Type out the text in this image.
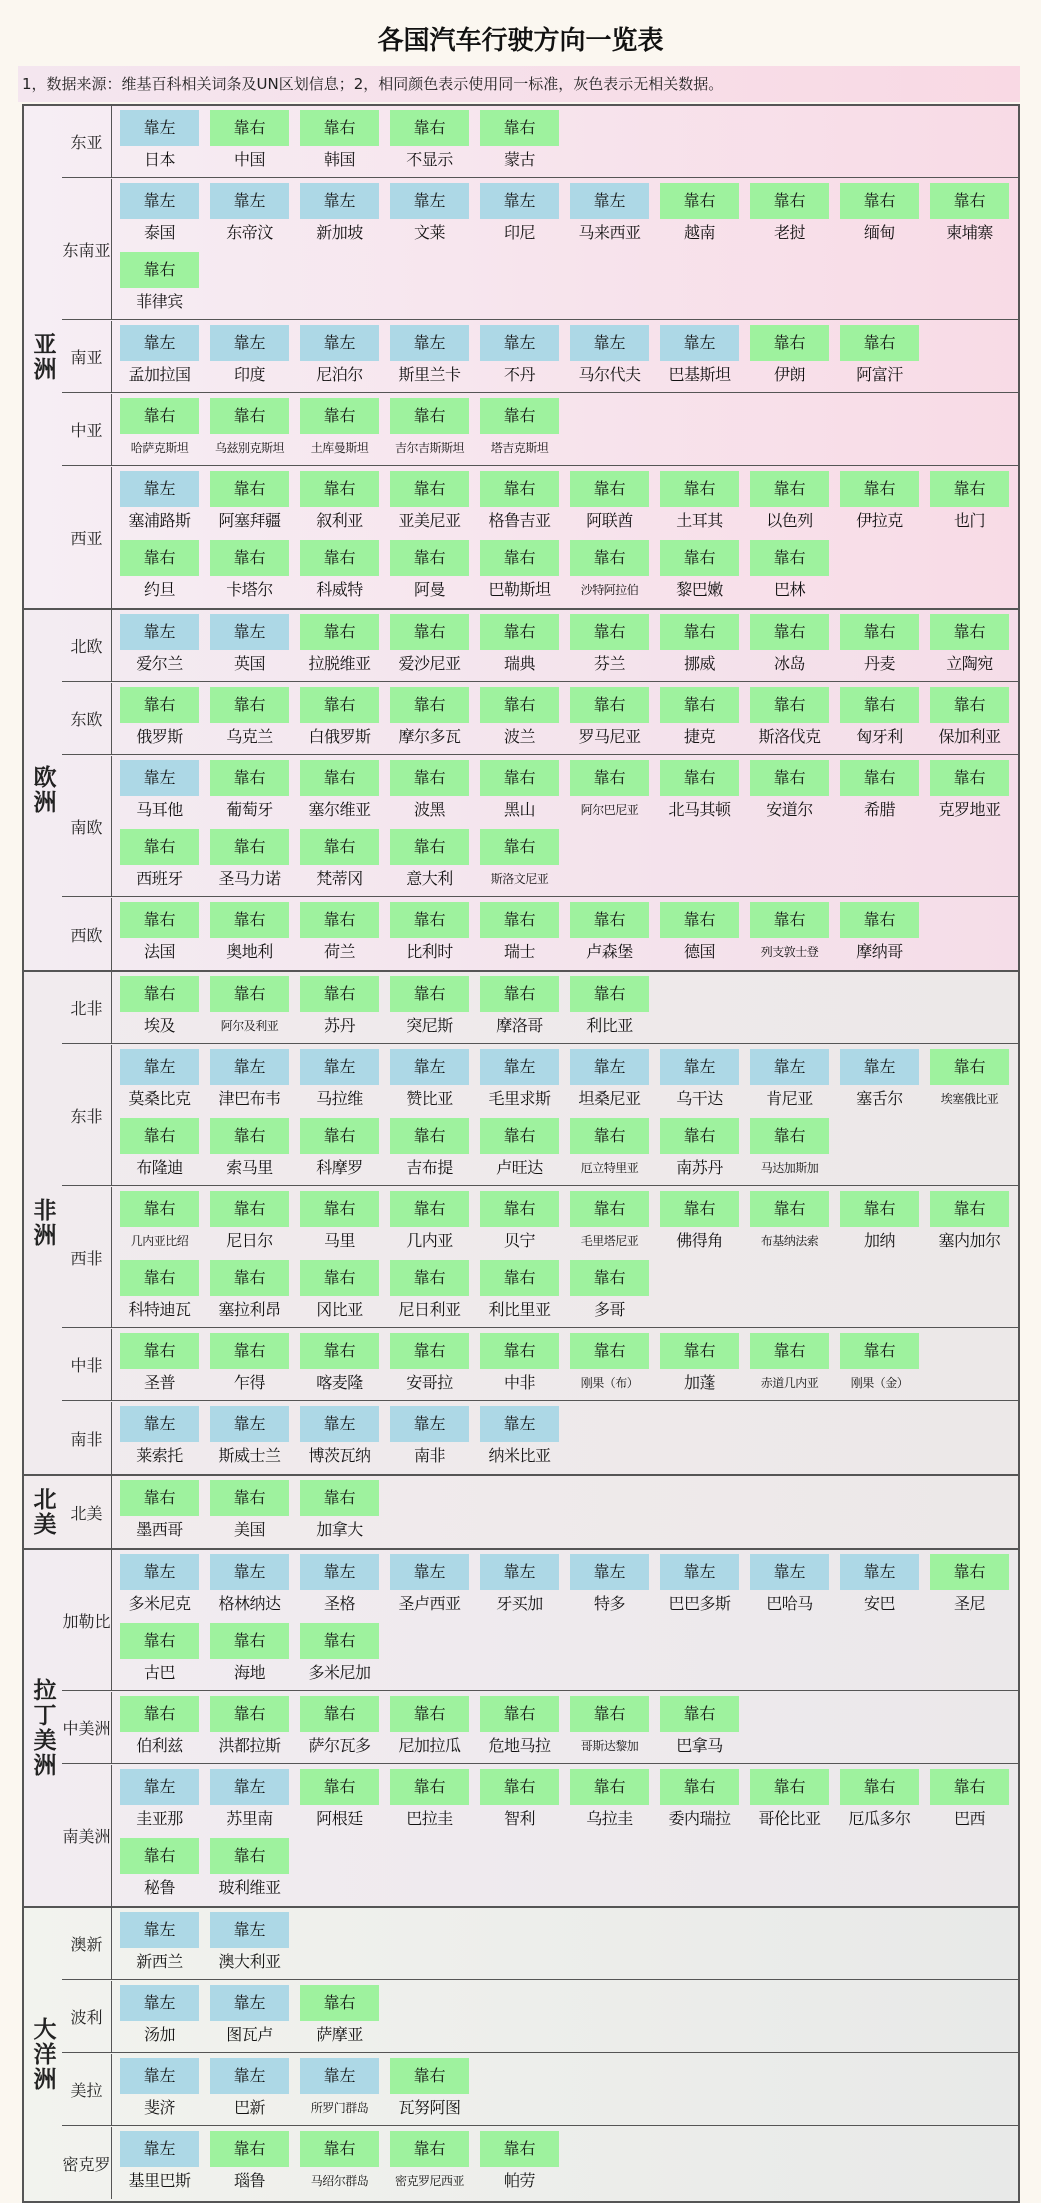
各国汽车行驶方向一览表
1，数据来源：维基百科相关词条及UN区划信息；2，相同颜色表示使用同一标准，灰色表示无相关数据。
亚洲
东亚
靠左
日本
靠右
中国
靠右
韩国
靠右
不显示
靠右
蒙古
东南亚
靠左
泰国
靠左
东帝汶
靠左
新加坡
靠左
文莱
靠左
印尼
靠左
马来西亚
靠右
越南
靠右
老挝
靠右
缅甸
靠右
柬埔寨
靠右
菲律宾
南亚
靠左
孟加拉国
靠左
印度
靠左
尼泊尔
靠左
斯里兰卡
靠左
不丹
靠左
马尔代夫
靠左
巴基斯坦
靠右
伊朗
靠右
阿富汗
中亚
靠右
哈萨克斯坦
靠右
乌兹别克斯坦
靠右
土库曼斯坦
靠右
吉尔吉斯斯坦
靠右
塔吉克斯坦
西亚
靠左
塞浦路斯
靠右
阿塞拜疆
靠右
叙利亚
靠右
亚美尼亚
靠右
格鲁吉亚
靠右
阿联酋
靠右
土耳其
靠右
以色列
靠右
伊拉克
靠右
也门
靠右
约旦
靠右
卡塔尔
靠右
科威特
靠右
阿曼
靠右
巴勒斯坦
靠右
沙特阿拉伯
靠右
黎巴嫩
靠右
巴林
欧洲
北欧
靠左
爱尔兰
靠左
英国
靠右
拉脱维亚
靠右
爱沙尼亚
靠右
瑞典
靠右
芬兰
靠右
挪威
靠右
冰岛
靠右
丹麦
靠右
立陶宛
东欧
靠右
俄罗斯
靠右
乌克兰
靠右
白俄罗斯
靠右
摩尔多瓦
靠右
波兰
靠右
罗马尼亚
靠右
捷克
靠右
斯洛伐克
靠右
匈牙利
靠右
保加利亚
南欧
靠左
马耳他
靠右
葡萄牙
靠右
塞尔维亚
靠右
波黑
靠右
黑山
靠右
阿尔巴尼亚
靠右
北马其顿
靠右
安道尔
靠右
希腊
靠右
克罗地亚
靠右
西班牙
靠右
圣马力诺
靠右
梵蒂冈
靠右
意大利
靠右
斯洛文尼亚
西欧
靠右
法国
靠右
奥地利
靠右
荷兰
靠右
比利时
靠右
瑞士
靠右
卢森堡
靠右
德国
靠右
列支敦士登
靠右
摩纳哥
非洲
北非
靠右
埃及
靠右
阿尔及利亚
靠右
苏丹
靠右
突尼斯
靠右
摩洛哥
靠右
利比亚
东非
靠左
莫桑比克
靠左
津巴布韦
靠左
马拉维
靠左
赞比亚
靠左
毛里求斯
靠左
坦桑尼亚
靠左
乌干达
靠左
肯尼亚
靠左
塞舌尔
靠右
埃塞俄比亚
靠右
布隆迪
靠右
索马里
靠右
科摩罗
靠右
吉布提
靠右
卢旺达
靠右
厄立特里亚
靠右
南苏丹
靠右
马达加斯加
西非
靠右
几内亚比绍
靠右
尼日尔
靠右
马里
靠右
几内亚
靠右
贝宁
靠右
毛里塔尼亚
靠右
佛得角
靠右
布基纳法索
靠右
加纳
靠右
塞内加尔
靠右
科特迪瓦
靠右
塞拉利昂
靠右
冈比亚
靠右
尼日利亚
靠右
利比里亚
靠右
多哥
中非
靠右
圣普
靠右
乍得
靠右
喀麦隆
靠右
安哥拉
靠右
中非
靠右
刚果（布）
靠右
加蓬
靠右
赤道几内亚
靠右
刚果（金）
南非
靠左
莱索托
靠左
斯威士兰
靠左
博茨瓦纳
靠左
南非
靠左
纳米比亚
北美 北美
靠右
墨西哥
靠右
美国
靠右
加拿大
拉丁美洲
加勒比
靠左
多米尼克
靠左
格林纳达
靠左
圣格
靠左
圣卢西亚
靠左
牙买加
靠左
特多
靠左
巴巴多斯
靠左
巴哈马
靠左
安巴
靠右
圣尼
靠右
古巴
靠右
海地
靠右
多米尼加
中美洲
靠右
伯利兹
靠右
洪都拉斯
靠右
萨尔瓦多
靠右
尼加拉瓜
靠右
危地马拉
靠右
哥斯达黎加
靠右
巴拿马
南美洲
靠左
圭亚那
靠左
苏里南
靠右
阿根廷
靠右
巴拉圭
靠右
智利
靠右
乌拉圭
靠右
委内瑞拉
靠右
哥伦比亚
靠右
厄瓜多尔
靠右
巴西
靠右
秘鲁
靠右
玻利维亚
大洋洲
澳新
靠左
新西兰
靠左
澳大利亚
波利
靠左
汤加
靠左
图瓦卢
靠右
萨摩亚
美拉
靠左
斐济
靠左
巴新
靠左
所罗门群岛
靠右
瓦努阿图
密克罗
靠左
基里巴斯
靠右
瑙鲁
靠右
马绍尔群岛
靠右
密克罗尼西亚
靠右
帕劳
